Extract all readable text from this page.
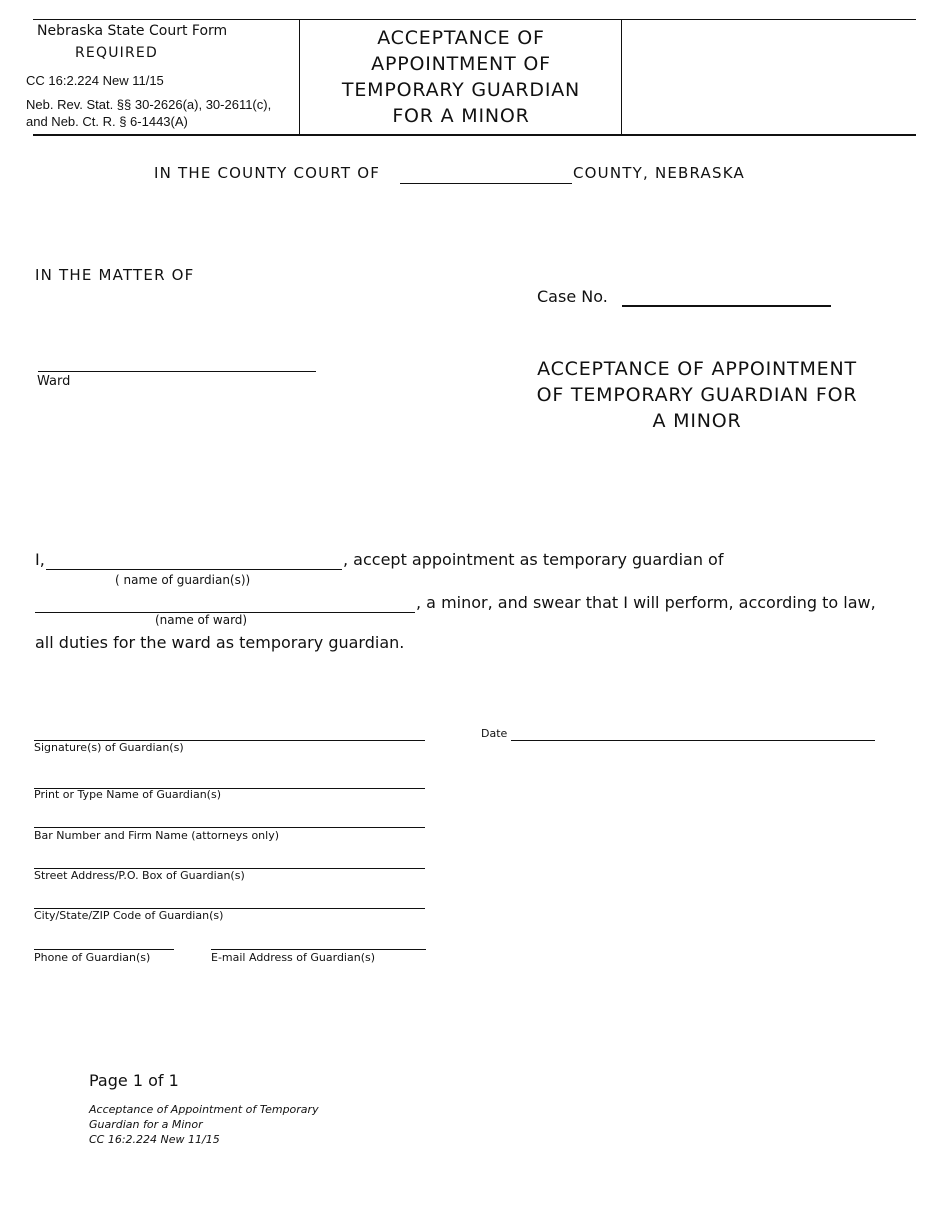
Nebraska State Court Form
REQUIRED
CC 16:2.224 New 11/15
Neb. Rev. Stat. §§ 30-2626(a), 30-2611(c),
and Neb. Ct. R. § 6-1443(A)
ACCEPTANCE OF
APPOINTMENT OF
TEMPORARY GUARDIAN
FOR A MINOR
IN THE COUNTY COURT OF	COUNTY, NEBRASKA
IN THE MATTER OF
Case No.
Ward
ACCEPTANCE OF APPOINTMENT
OF TEMPORARY GUARDIAN FOR
A MINOR
I,	, accept appointment as temporary guardian of
( name of guardian(s))
, a minor, and swear that I will perform, according to law,
(name of ward)
all duties for the ward as temporary guardian.
Signature(s) of Guardian(s)
Date
Print or Type Name of Guardian(s)
Bar Number and Firm Name (attorneys only)
Street Address/P.O. Box of Guardian(s)
City/State/ZIP Code of Guardian(s)
Phone of Guardian(s)	E-mail Address of Guardian(s)
Page 1 of 1
Acceptance of Appointment of Temporary
Guardian for a Minor
CC 16:2.224 New 11/15
